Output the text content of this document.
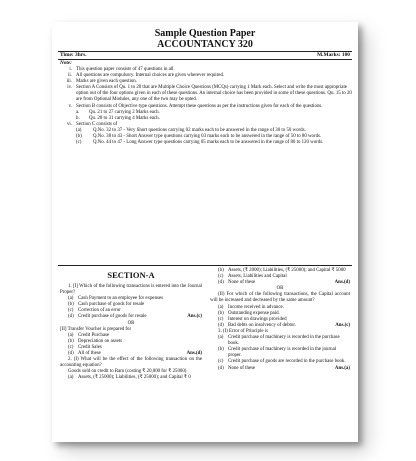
Sample Question Paper
ACCOUNTANCY 320
Time: 3hrs.	M.Marks: 100
Note:
i. This question paper consists of 47 questions in all.
ii. All questions are compulsory. Internal choices are given wherever required.
iii. Marks are given each question.
iv. Section A Consists of Qu. 1 to 20 that are Multiple Choice Questions (MCQs) carrying 1 Mark each. Select and write the most appropriate option out of the four options given in each of these questions. An internal choice has been provided in some of these questions. Qu. 15 to 20 are from Optional Modules, any one of the two may be opted.
v. Section B consists of Objective type questions. Attempt these questions as per the instructions given for each of the questions.
a.	Qu. 21 to 27 carrying 2 Marks each.
b.	Qu. 28 to 31 carrying 4 Marks each.
vi. Section C consists of
(a)	Q.No. 32 to 37 - Very Short questions carrying 02 marks each to be answered in the range of 30 to 50 words.
(b)	Q.No. 38 to 43 - Short Answer type questions carrying 03 marks each to be answered in the range of 50 to 80 words.
(c)	Q.No. 44 to 47 - Long Answer type questions carrying 05 marks each to be answered in the range of 80 to 120 words.
SECTION-A
1. [I] Which of the following transactions is entered into the Journal Proper?
(a) Cash Payment to an employee for expenses
(b) Cash purchase of goods for resale
(c) Correction of an error
(d) Credit purchase of goods for resale	Ans.(c)
OR
[II] Transfer Voucher is prepared for
(a) Credit Purchase
(b) Depreciation on assets
(c) Credit Sales
(d) All of these	Ans.(d)
2. (I) What will be the effect of the following transaction on the accounting equation?
Goods sold on credit to Ram (costing ₹ 20,000 for ₹ 25000)
(a) Assets, (₹ 25000); Liabilities, (₹ 25000); and Capital ₹ 0
(b) Assets, (₹ 2000); Liabilities, (₹ 25000); and Capital ₹ 5000
(c) Assets, Liabilities and Capital
(d) None of these	Ans.(d)
OR
(II) For which of the following transactions, the Capital account will be increased and decreased by the same amount?
(a) Income received in advance.
(b) Outstanding expense paid.
(c) Interest on drawings provided
(d) Bad debts on insolvency of debtor.	Ans.(c)
3. (I) Error of Principle is
(a) Credit purchase of machinery is recorded in the purchase book.
(b) Credit purchase of machinery is recorded in the journal proper.
(c) Credit purchase of goods are recorded in the purchase book.
(d) None of these	Ans.(a)
